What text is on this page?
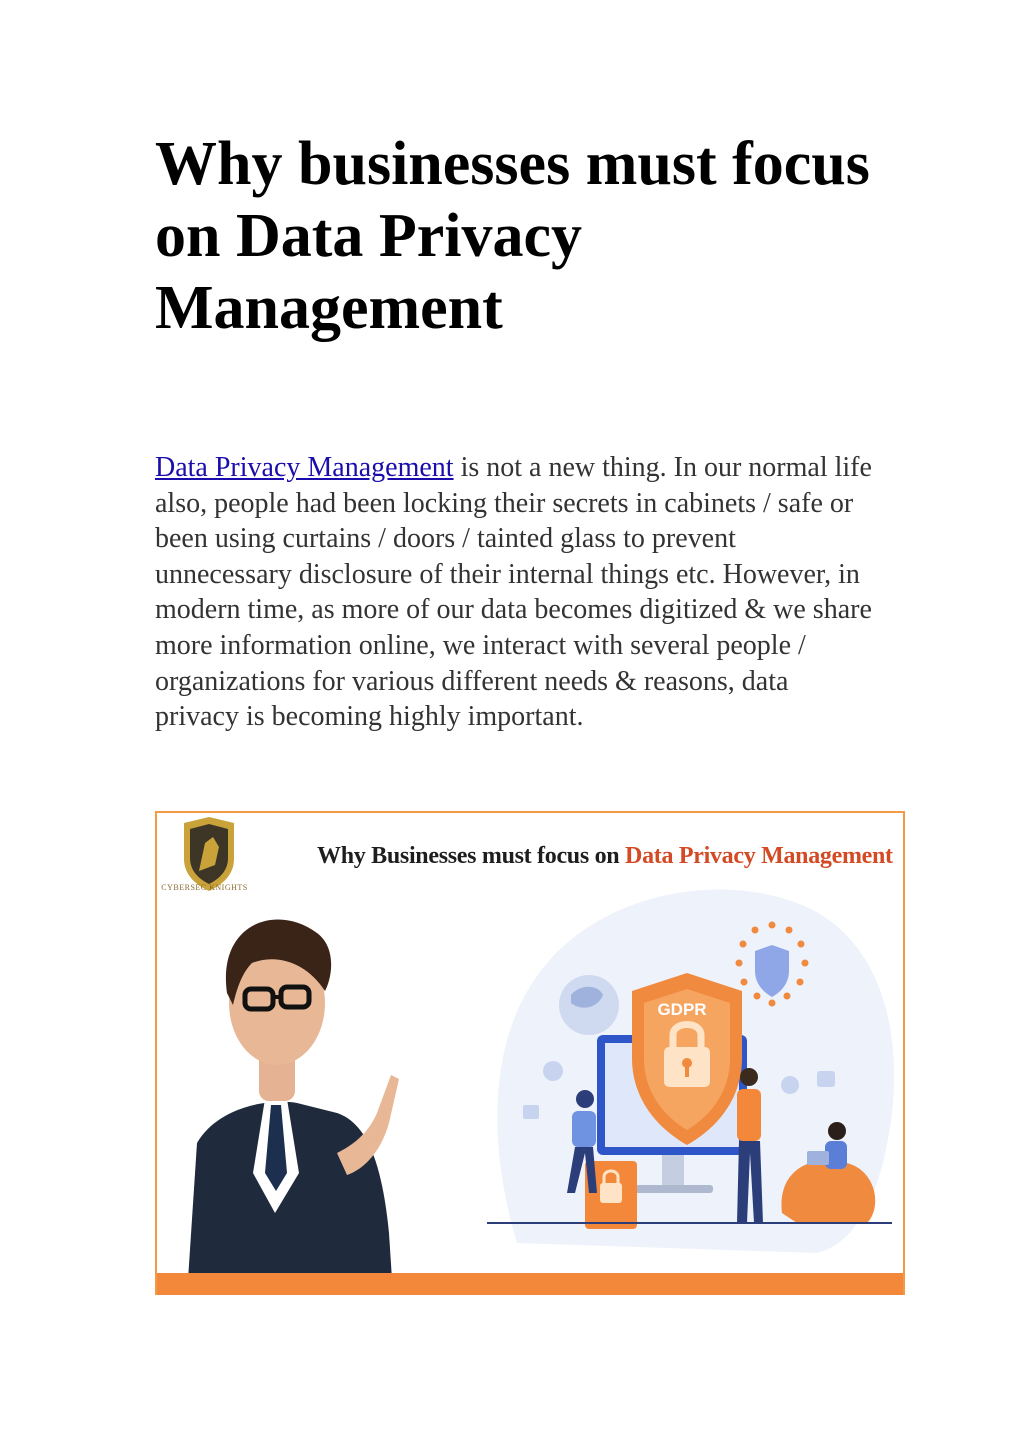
Why businesses must focus on Data Privacy Management

Data Privacy Management is not a new thing. In our normal life also, people had been locking their secrets in cabinets / safe or been using curtains / doors / tainted glass to prevent unnecessary disclosure of their internal things etc. However, in modern time, as more of our data becomes digitized & we share more information online, we interact with several people / organizations for various different needs & reasons, data privacy is becoming highly important.

CYBERSEC KNIGHTS
Why Businesses must focus on Data Privacy Management
GDPR
